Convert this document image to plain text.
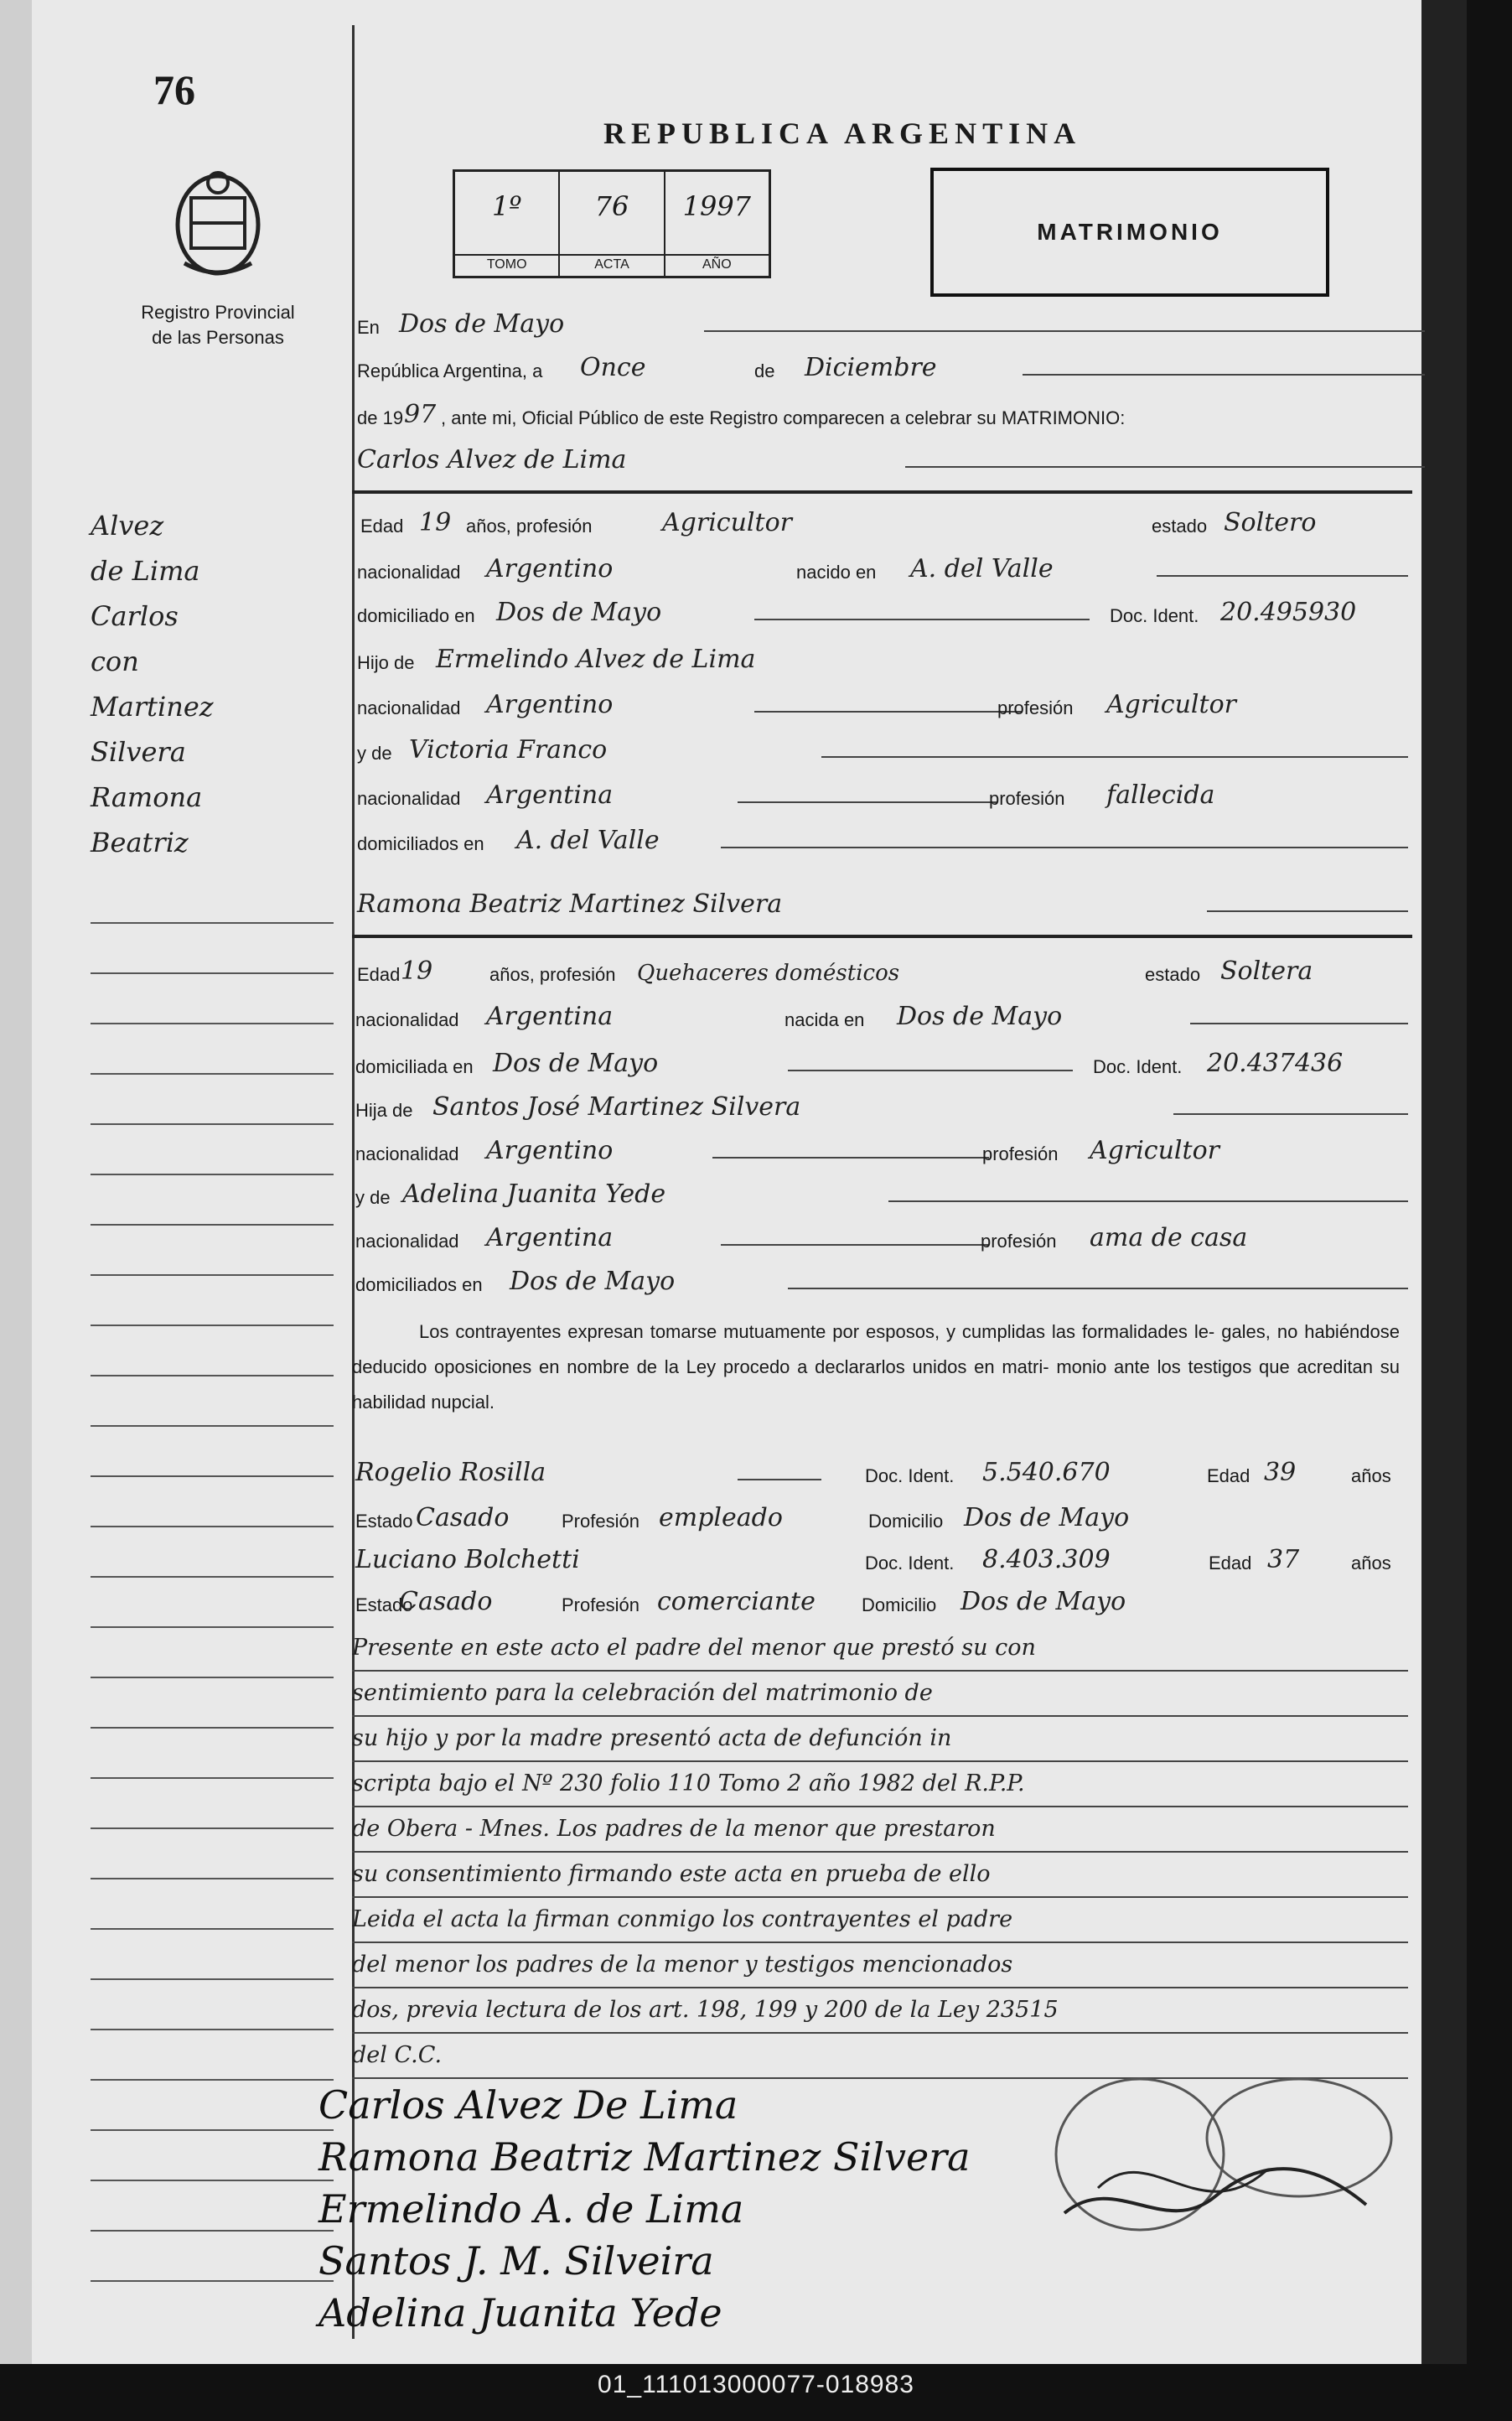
76
Registro Provincial
de las Personas
REPUBLICA ARGENTINA
1º
TOMO
76
ACTA
1997
AÑO
MATRIMONIO
En Dos de Mayo
República Argentina, a Once	de Diciembre
de 19 97 , ante mi, Oficial Público de este Registro comparecen a celebrar su MATRIMONIO:
Carlos Alvez de Lima
Edad 19 años, profesión	Agricultor	estado Soltero
nacionalidad Argentino	nacido en A. del Valle
domiciliado en Dos de Mayo	Doc. Ident. 20.495930
Hijo de Ermelindo Alvez de Lima
nacionalidad Argentino	profesión Agricultor
y de Victoria Franco
nacionalidad Argentina	profesión fallecida
domiciliados en A. del Valle
Alvez
de Lima
Carlos
con
Martinez
Silvera
Ramona
Beatriz
Ramona Beatriz Martinez Silvera
Edad 19	años, profesión Quehaceres domésticos	estado Soltera
nacionalidad Argentina	nacida en Dos de Mayo
domiciliada en Dos de Mayo	Doc. Ident. 20.437436
Hija de Santos José Martinez Silvera
nacionalidad Argentino	profesión Agricultor
y de Adelina Juanita Yede
nacionalidad Argentina	profesión ama de casa
domiciliados en Dos de Mayo
Los contrayentes expresan tomarse mutuamente por esposos, y cumplidas las formalidades le- gales, no habiéndose deducido oposiciones en nombre de la Ley procedo a declararlos unidos en matri- monio ante los testigos que acreditan su habilidad nupcial.
Rogelio Rosilla	Doc. Ident. 5.540.670	Edad 39	años
Estado Casado	Profesión empleado	Domicilio Dos de Mayo
Luciano Bolchetti	Doc. Ident. 8.403.309	Edad 37	años
Estado
Casado	Profesión comerciante	Domicilio Dos de Mayo
Presente en este acto el padre del menor que prestó su con
sentimiento para la celebración del matrimonio de
su hijo y por la madre presentó acta de defunción in
scripta bajo el Nº 230 folio 110 Tomo 2 año 1982 del R.P.P.
de Obera - Mnes. Los padres de la menor que prestaron
su consentimiento firmando este acta en prueba de ello
Leida el acta la firman conmigo los contrayentes el padre
del menor los padres de la menor y testigos mencionados
dos, previa lectura de los art. 198, 199 y 200 de la Ley 23515
del C.C.
Carlos Alvez De Lima
Ramona Beatriz Martinez Silvera
Ermelindo A. de Lima
Santos J. M. Silveira
Adelina Juanita Yede
01_111013000077-018983
